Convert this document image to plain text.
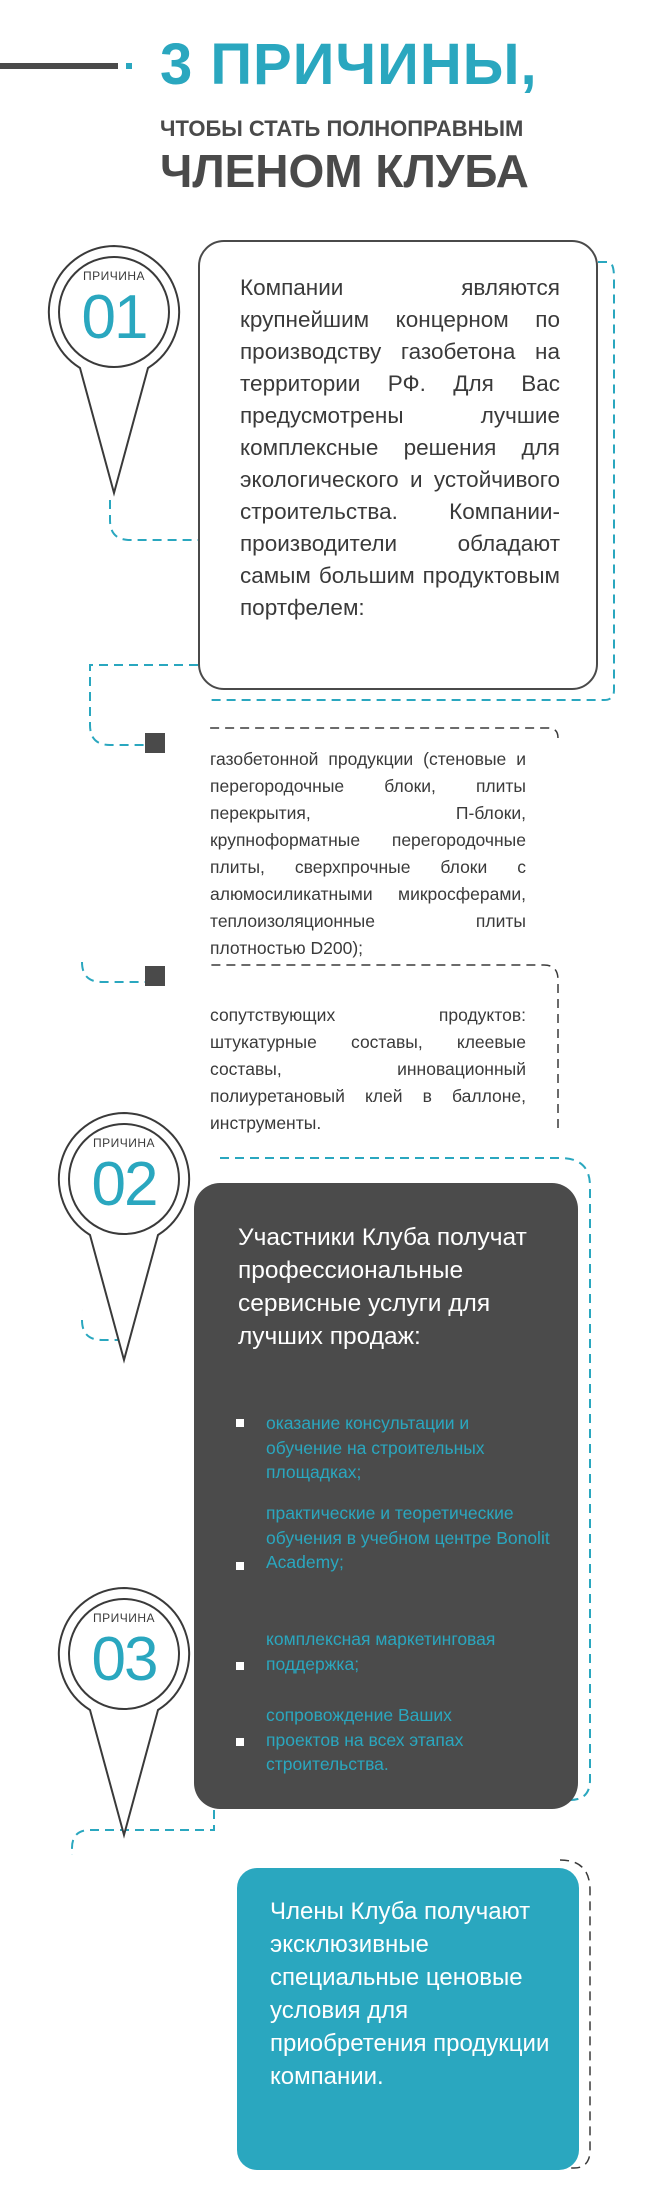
3 ПРИЧИНЫ,
ЧТОБЫ СТАТЬ ПОЛНОПРАВНЫМ
ЧЛЕНОМ КЛУБА
ПРИЧИНА
01	Компании являются крупнейшим концерном по производству газобетона на территории РФ. Для Вас предусмотрены лучшие комплексные решения для экологического и устойчивого строительства. Компании-производители обладают самым большим продуктовым портфелем:
газобетонной продукции (стеновые и перегородочные блоки, плиты перекрытия, П-блоки, крупноформатные перегородочные плиты, сверхпрочные блоки с алюмосиликатными микросферами, теплоизоляционные плиты плотностью D200);
сопутствующих продуктов: штукатурные составы, клеевые составы, инновационный полиуретановый клей в баллоне, инструменты.
ПРИЧИНА
02
Участники Клуба получат профессиональные сервисные услуги для лучших продаж:
оказание консультации и обучение на строительных площадках;
практические и теоретические обучения в учебном центре Bonolit Academy;
комплексная маркетинговая поддержка;
сопровождение Ваших проектов на всех этапах строительства.
ПРИЧИНА
03
Члены Клуба получают эксклюзивные специальные ценовые условия для приобретения продукции компании.
